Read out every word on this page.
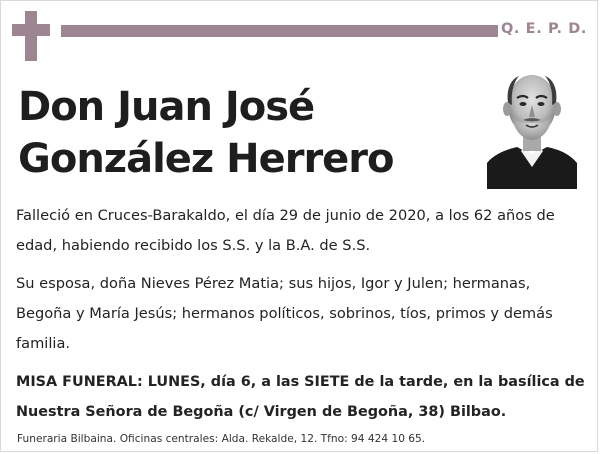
Q. E. P. D.
Don Juan José
González Herrero

Falleció en Cruces-Barakaldo, el día 29 de junio de 2020, a los 62 años de edad, habiendo recibido los S.S. y la B.A. de S.S.

Su esposa, doña Nieves Pérez Matia; sus hijos, Igor y Julen; hermanas, Begoña y María Jesús; hermanos políticos, sobrinos, tíos, primos y demás familia.

MISA FUNERAL: LUNES, día 6, a las SIETE de la tarde, en la basílica de Nuestra Señora de Begoña (c/ Virgen de Begoña, 38) Bilbao.

Funeraria Bilbaina. Oficinas centrales: Alda. Rekalde, 12. Tfno: 94 424 10 65.
